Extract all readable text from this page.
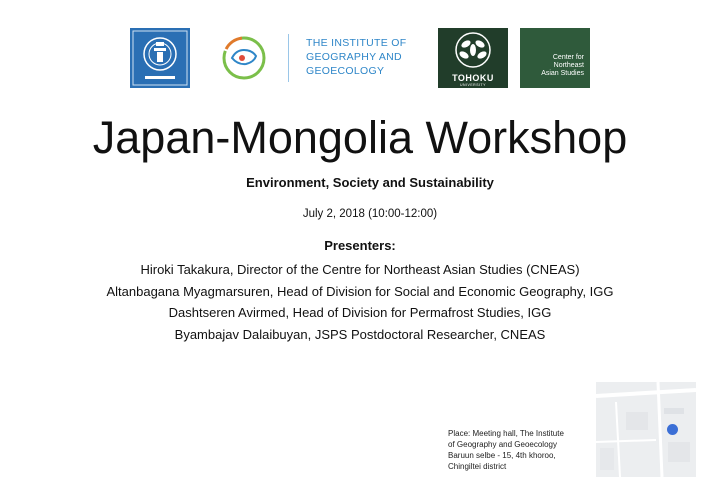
THE INSTITUTE OF
GEOGRAPHY AND
GEOECOLOGY
TOHOKU
UNIVERSITY
Center for
Northeast
Asian Studies
Japan-Mongolia Workshop
Environment, Society and Sustainability
July 2, 2018 (10:00-12:00)
Presenters:
Hiroki Takakura, Director of the Centre for Northeast Asian Studies (CNEAS)
Altanbagana Myagmarsuren, Head of Division for Social and Economic Geography, IGG
Dashtseren Avirmed, Head of Division for Permafrost Studies, IGG
Byambajav Dalaibuyan, JSPS Postdoctoral Researcher, CNEAS
Place: Meeting hall, The Institute
of Geography and Geoecology
Baruun selbe - 15, 4th khoroo,
Chingiltei district
